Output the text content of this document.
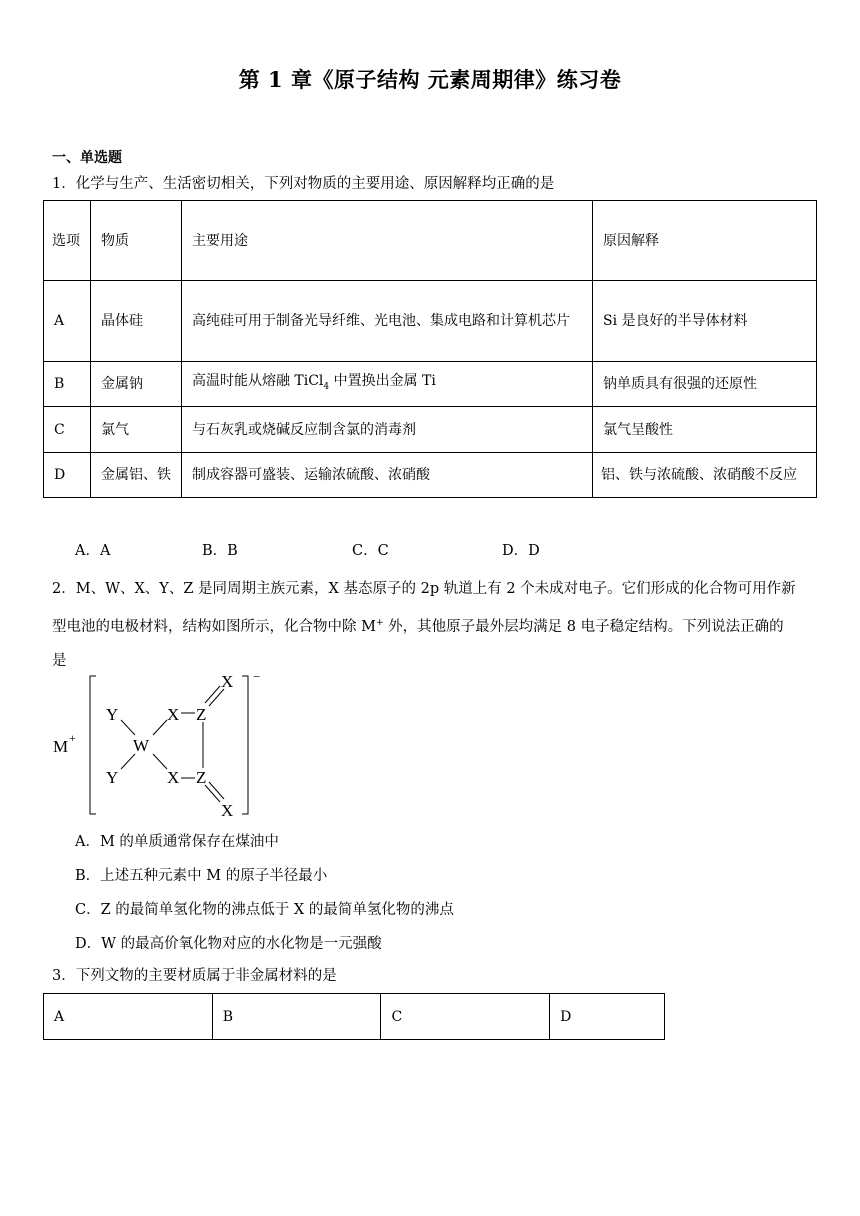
第 1 章《原子结构 元素周期律》练习卷
一、单选题
1．化学与生产、生活密切相关，下列对物质的主要用途、原因解释均正确的是
选项	物质	主要用途	原因解释
A	晶体硅	高纯硅可用于制备光导纤维、光电池、集成电路和计算机芯片	Si 是良好的半导体材料
B	金属钠	高温时能从熔融 TiCl$_4$ 中置换出金属 Ti	钠单质具有很强的还原性
C	氯气	与石灰乳或烧碱反应制含氯的消毒剂	氯气呈酸性
D	金属铝、铁	制成容器可盛装、运输浓硫酸、浓硝酸	铝、铁与浓硫酸、浓硝酸不反应
A．A	B．B	C．C	D．D
2．M、W、X、Y、Z 是同周期主族元素，X 基态原子的 2p 轨道上有 2 个未成对电子。它们形成的化合物可用作新
型电池的电极材料，结构如图所示，化合物中除 M+ 外，其他原子最外层均满足 8 电子稳定结构。下列说法正确的
是
M +	W
Y
Y
X
X
Z
Z
X
X
−
A．M 的单质通常保存在煤油中
B．上述五种元素中 M 的原子半径最小
C．Z 的最简单氢化物的沸点低于 X 的最简单氢化物的沸点
D．W 的最高价氧化物对应的水化物是一元强酸
3．下列文物的主要材质属于非金属材料的是
A	B	C	D
